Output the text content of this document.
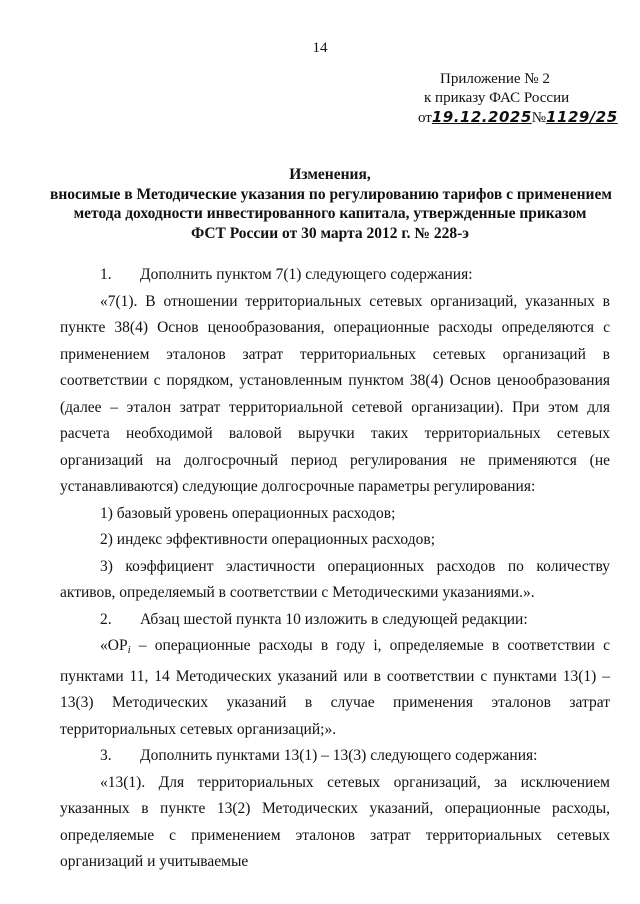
14
Приложение № 2
к приказу ФАС России
от19.12.2025№1129/25
Изменения,
вносимые в Методические указания по регулированию тарифов с применением
метода доходности инвестированного капитала, утвержденные приказом
ФСТ России от 30 марта 2012 г. № 228-э

1. Дополнить пунктом 7(1) следующего содержания:

«7(1). В отношении территориальных сетевых организаций, указанных в пункте 38(4) Основ ценообразования, операционные расходы определяются с применением эталонов затрат территориальных сетевых организаций в соответствии с порядком, установленным пунктом 38(4) Основ ценообразования (далее – эталон затрат территориальной сетевой организации). При этом для расчета необходимой валовой выручки таких территориальных сетевых организаций на долгосрочный период регулирования не применяются (не устанавливаются) следующие долгосрочные параметры регулирования:

1) базовый уровень операционных расходов;

2) индекс эффективности операционных расходов;

3) коэффициент эластичности операционных расходов по количеству активов, определяемый в соответствии с Методическими указаниями.».

2. Абзац шестой пункта 10 изложить в следующей редакции:

«$OP_i$ – операционные расходы в году i, определяемые в соответствии с пунктами 11, 14 Методических указаний или в соответствии с пунктами 13(1) – 13(3) Методических указаний в случае применения эталонов затрат территориальных сетевых организаций;».

3. Дополнить пунктами 13(1) – 13(3) следующего содержания:

«13(1). Для территориальных сетевых организаций, за исключением указанных в пункте 13(2) Методических указаний, операционные расходы, определяемые с применением эталонов затрат территориальных сетевых организаций и учитываемые
